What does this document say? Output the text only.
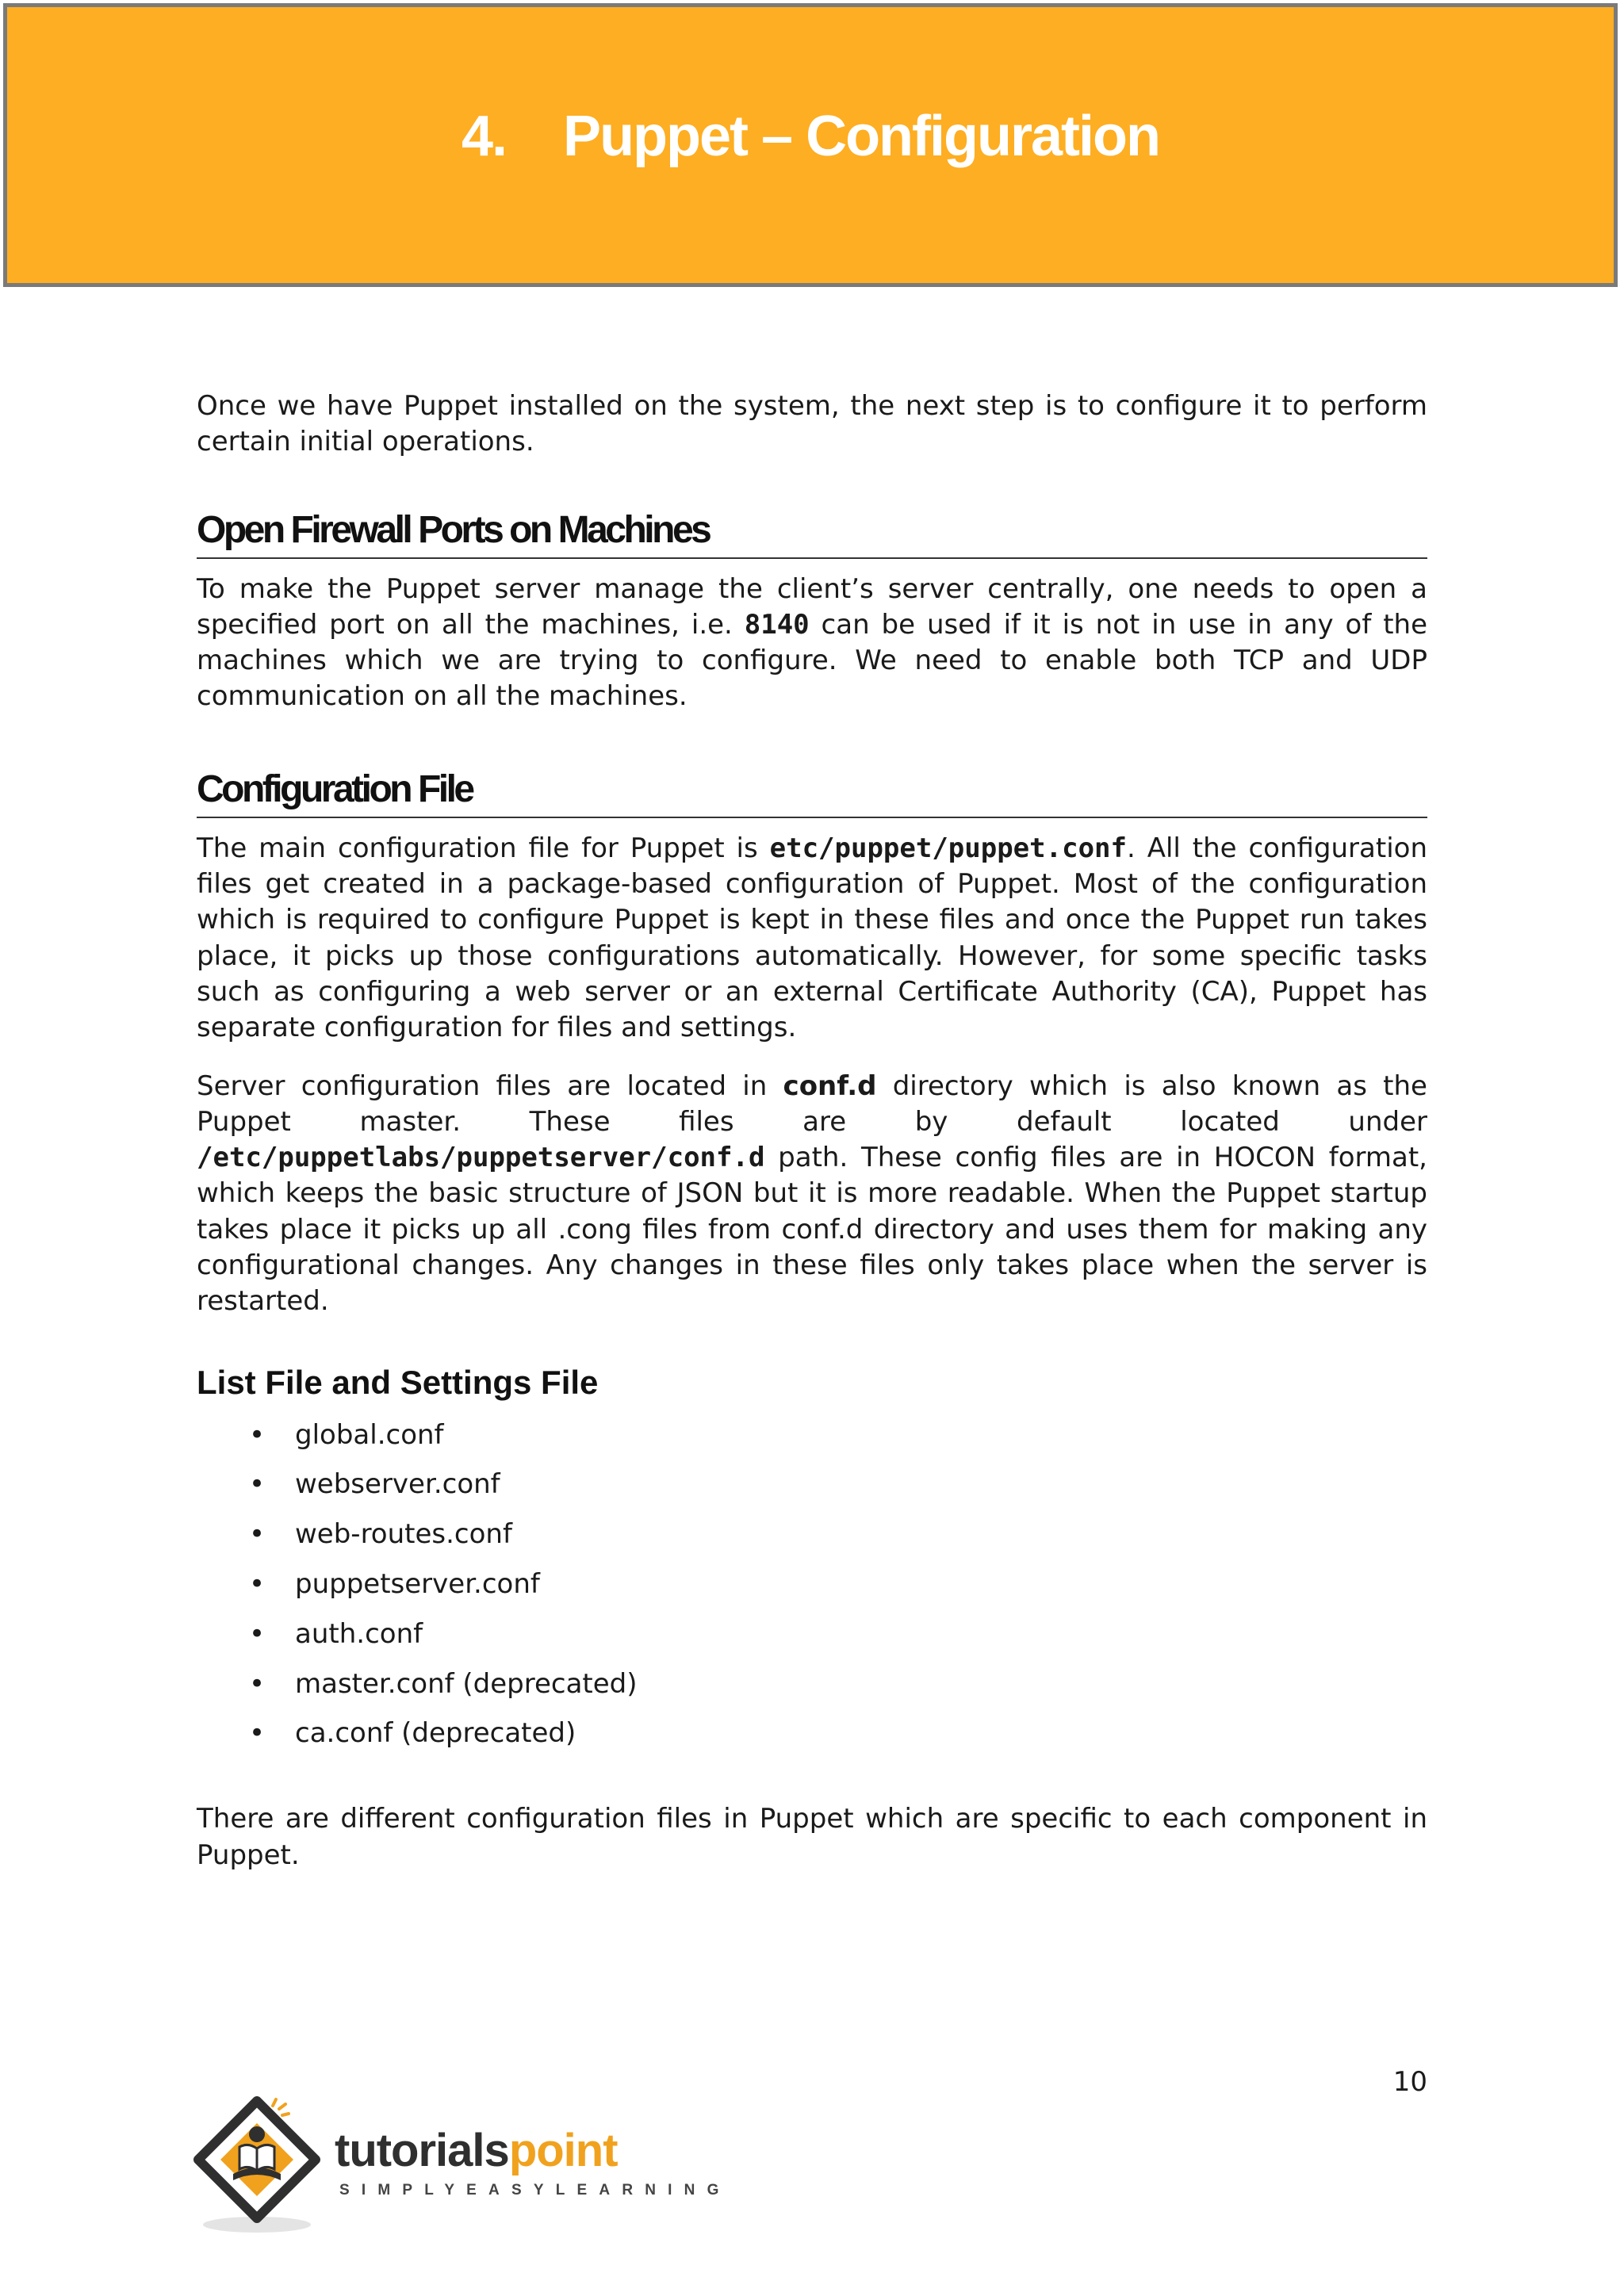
4. Puppet – Configuration

Once we have Puppet installed on the system, the next step is to configure it to perform certain initial operations.

Open Firewall Ports on Machines

To make the Puppet server manage the client’s server centrally, one needs to open a specified port on all the machines, i.e. 8140 can be used if it is not in use in any of the machines which we are trying to configure. We need to enable both TCP and UDP communication on all the machines.

Configuration File

The main configuration file for Puppet is etc/puppet/puppet.conf. All the configuration files get created in a package-based configuration of Puppet. Most of the configuration which is required to configure Puppet is kept in these files and once the Puppet run takes place, it picks up those configurations automatically. However, for some specific tasks such as configuring a web server or an external Certificate Authority (CA), Puppet has separate configuration for files and settings.

Server configuration files are located in conf.d directory which is also known as the Puppet master. These files are by default located under /etc/puppetlabs/puppetserver/conf.d path. These config files are in HOCON format, which keeps the basic structure of JSON but it is more readable. When the Puppet startup takes place it picks up all .cong files from conf.d directory and uses them for making any configurational changes. Any changes in these files only takes place when the server is restarted.

List File and Settings File
• global.conf
• webserver.conf
• web-routes.conf
• puppetserver.conf
• auth.conf
• master.conf (deprecated)
• ca.conf (deprecated)

There are different configuration files in Puppet which are specific to each component in Puppet.

10
tutorialspoint
SIMPLYEASYLEARNING
